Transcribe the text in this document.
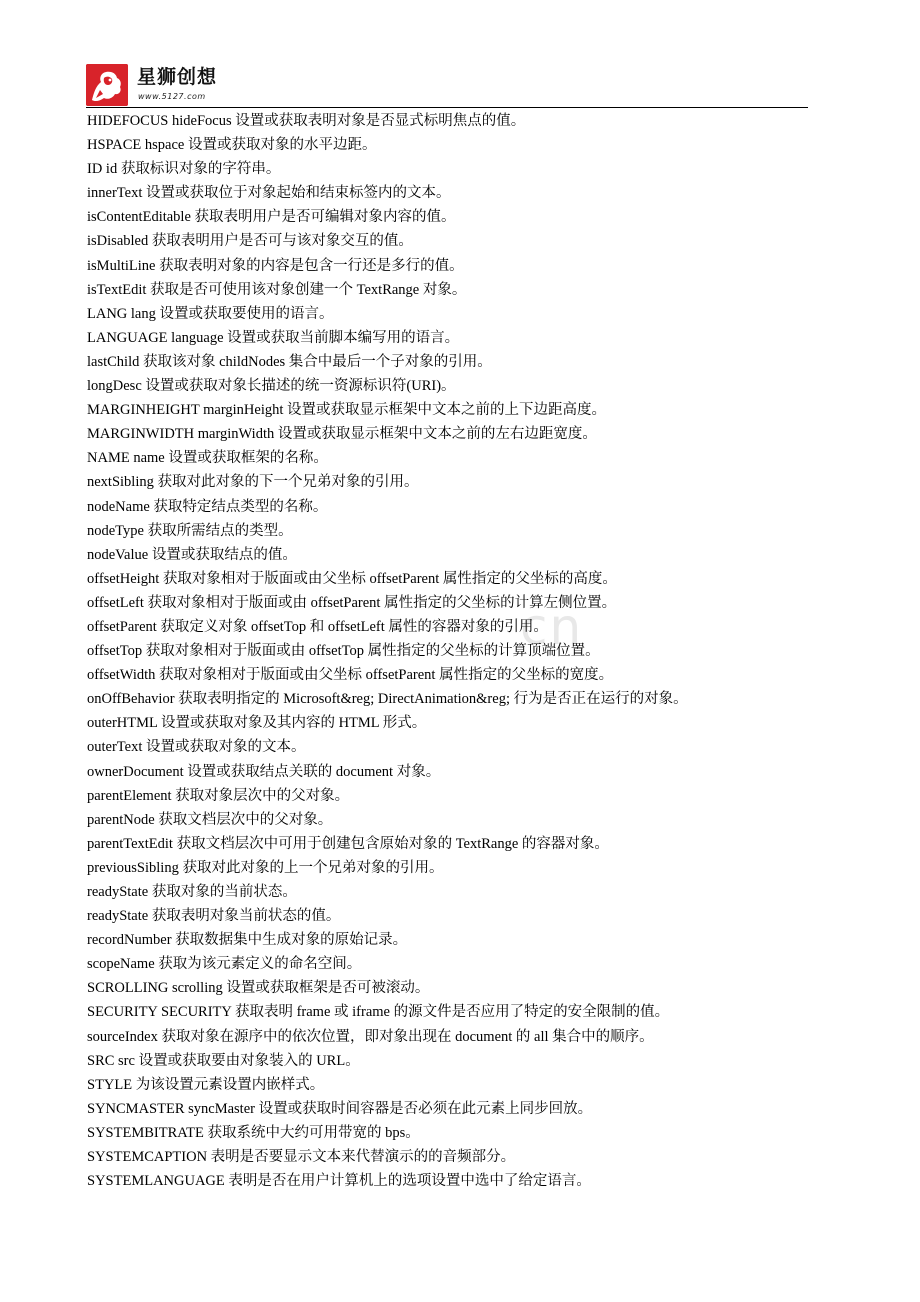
星狮创想
www.5127.com
cn
HIDEFOCUS hideFocus 设置或获取表明对象是否显式标明焦点的值。
HSPACE hspace 设置或获取对象的水平边距。
ID id 获取标识对象的字符串。
innerText 设置或获取位于对象起始和结束标签内的文本。
isContentEditable 获取表明用户是否可编辑对象内容的值。
isDisabled 获取表明用户是否可与该对象交互的值。
isMultiLine 获取表明对象的内容是包含一行还是多行的值。
isTextEdit 获取是否可使用该对象创建一个 TextRange 对象。
LANG lang 设置或获取要使用的语言。
LANGUAGE language 设置或获取当前脚本编写用的语言。
lastChild 获取该对象 childNodes 集合中最后一个子对象的引用。
longDesc 设置或获取对象长描述的统一资源标识符(URI)。
MARGINHEIGHT marginHeight 设置或获取显示框架中文本之前的上下边距高度。
MARGINWIDTH marginWidth 设置或获取显示框架中文本之前的左右边距宽度。
NAME name 设置或获取框架的名称。
nextSibling 获取对此对象的下一个兄弟对象的引用。
nodeName 获取特定结点类型的名称。
nodeType 获取所需结点的类型。
nodeValue 设置或获取结点的值。
offsetHeight 获取对象相对于版面或由父坐标 offsetParent 属性指定的父坐标的高度。
offsetLeft 获取对象相对于版面或由 offsetParent 属性指定的父坐标的计算左侧位置。
offsetParent 获取定义对象 offsetTop 和 offsetLeft 属性的容器对象的引用。
offsetTop 获取对象相对于版面或由 offsetTop 属性指定的父坐标的计算顶端位置。
offsetWidth 获取对象相对于版面或由父坐标 offsetParent 属性指定的父坐标的宽度。
onOffBehavior 获取表明指定的 Microsoft&reg; DirectAnimation&reg; 行为是否正在运行的对象。
outerHTML 设置或获取对象及其内容的 HTML 形式。
outerText 设置或获取对象的文本。
ownerDocument 设置或获取结点关联的 document 对象。
parentElement 获取对象层次中的父对象。
parentNode 获取文档层次中的父对象。
parentTextEdit 获取文档层次中可用于创建包含原始对象的 TextRange 的容器对象。
previousSibling 获取对此对象的上一个兄弟对象的引用。
readyState 获取对象的当前状态。
readyState 获取表明对象当前状态的值。
recordNumber 获取数据集中生成对象的原始记录。
scopeName 获取为该元素定义的命名空间。
SCROLLING scrolling 设置或获取框架是否可被滚动。
SECURITY SECURITY 获取表明 frame 或 iframe 的源文件是否应用了特定的安全限制的值。
sourceIndex 获取对象在源序中的依次位置，即对象出现在 document 的 all 集合中的顺序。
SRC src 设置或获取要由对象装入的 URL。
STYLE 为该设置元素设置内嵌样式。
SYNCMASTER syncMaster 设置或获取时间容器是否必须在此元素上同步回放。
SYSTEMBITRATE 获取系统中大约可用带宽的 bps。
SYSTEMCAPTION 表明是否要显示文本来代替演示的的音频部分。
SYSTEMLANGUAGE 表明是否在用户计算机上的选项设置中选中了给定语言。
